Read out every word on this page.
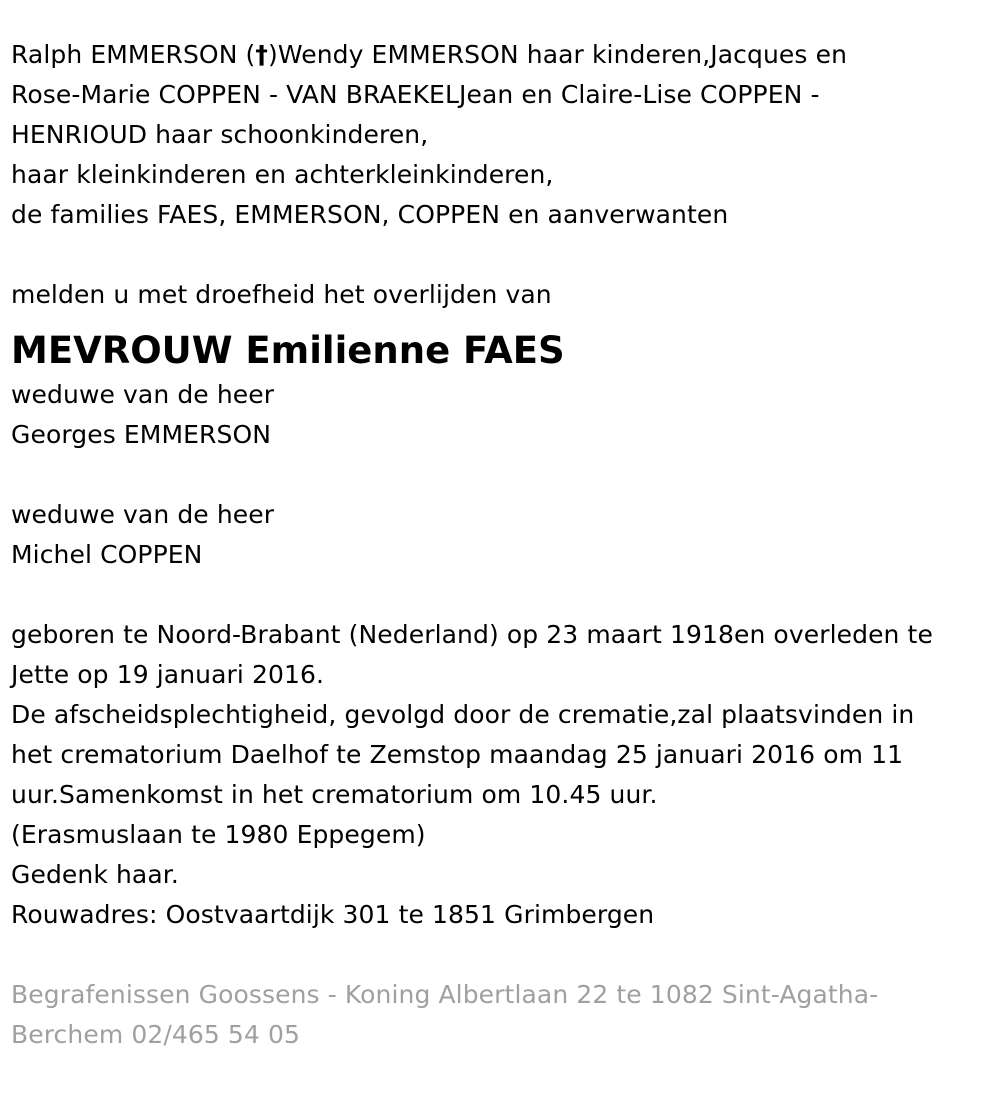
Ralph EMMERSON (†)Wendy EMMERSON haar kinderen,Jacques en
Rose-Marie COPPEN - VAN BRAEKELJean en Claire-Lise COPPEN -
HENRIOUD haar schoonkinderen,
haar kleinkinderen en achterkleinkinderen,
de families FAES, EMMERSON, COPPEN en aanverwanten
melden u met droefheid het overlijden van
MEVROUW Emilienne FAES
weduwe van de heer
Georges EMMERSON
weduwe van de heer
Michel COPPEN
geboren te Noord-Brabant (Nederland) op 23 maart 1918en overleden te
Jette op 19 januari 2016.
De afscheidsplechtigheid, gevolgd door de crematie,zal plaatsvinden in
het crematorium Daelhof te Zemstop maandag 25 januari 2016 om 11
uur.Samenkomst in het crematorium om 10.45 uur.
(Erasmuslaan te 1980 Eppegem)
Gedenk haar.
Rouwadres: Oostvaartdijk 301 te 1851 Grimbergen
Begrafenissen Goossens - Koning Albertlaan 22 te 1082 Sint-Agatha-
Berchem 02/465 54 05
